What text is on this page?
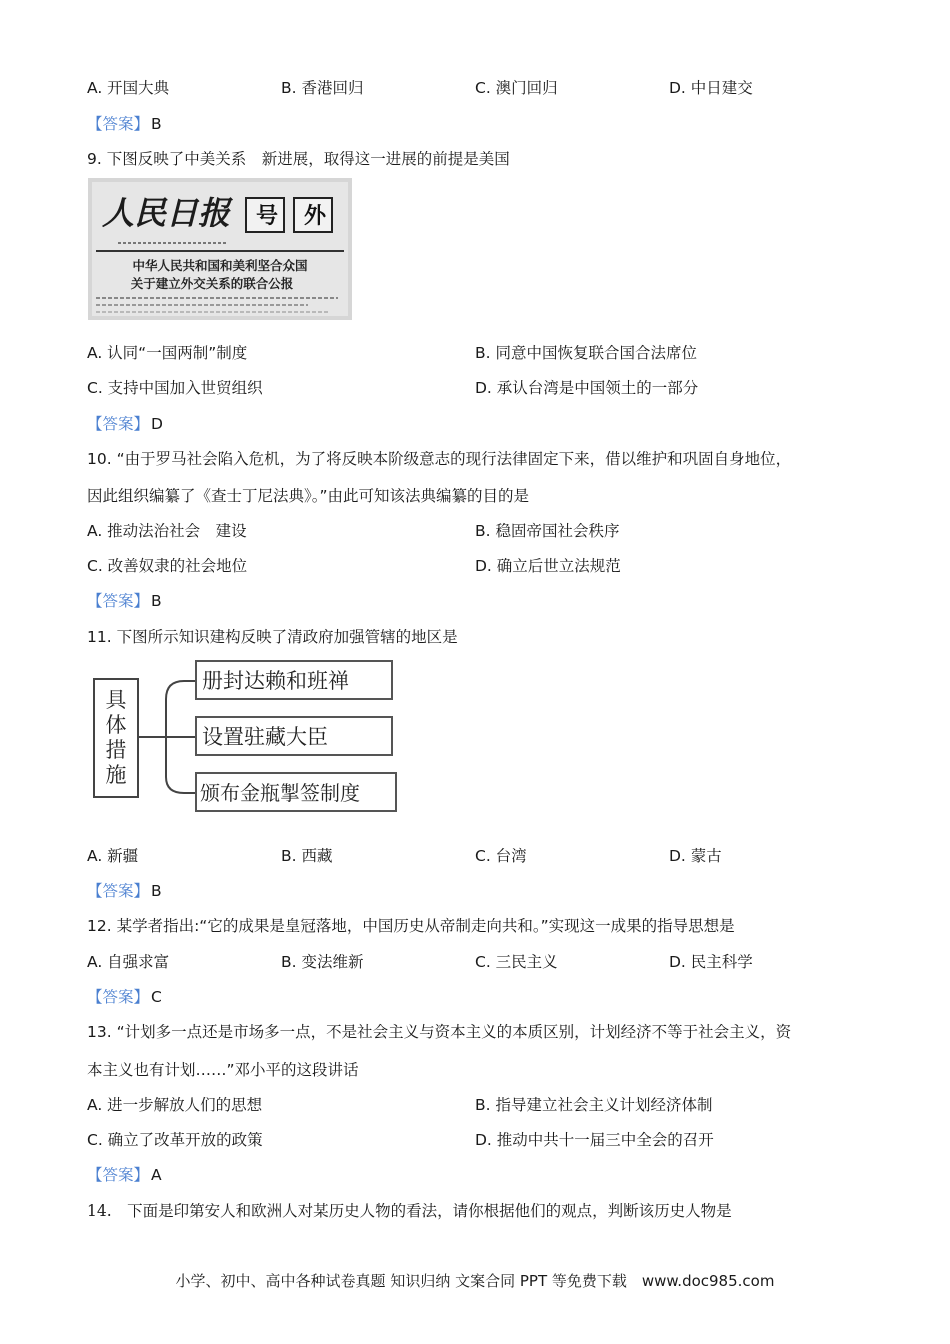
A. 开国大典	B. 香港回归	C. 澳门回归	D. 中日建交
【答案】 B
9. 下图反映了中美关系　新进展，取得这一进展的前提是美国
人民日报 号 外
中华人民共和国和美利坚合众国
关于建立外交关系的联合公报
A. 认同“一国两制”制度	B. 同意中国恢复联合国合法席位
C. 支持中国加入世贸组织	D. 承认台湾是中国领土的一部分
【答案】 D
10. “由于罗马社会陷入危机，为了将反映本阶级意志的现行法律固定下来，借以维护和巩固自身地位，
因此组织编纂了《查士丁尼法典》。”由此可知该法典编纂的目的是
A. 推动法治社会　建设	B. 稳固帝国社会秩序
C. 改善奴隶的社会地位	D. 确立后世立法规范
【答案】 B
11. 下图所示知识建构反映了清政府加强管辖的地区是
具
体
措
施
册封达赖和班禅
设置驻藏大臣
颁布金瓶掣签制度
A. 新疆	B. 西藏	C. 台湾	D. 蒙古
【答案】 B
12. 某学者指出:“它的成果是皇冠落地，中国历史从帝制走向共和。”实现这一成果的指导思想是
A. 自强求富	B. 变法维新	C. 三民主义	D. 民主科学
【答案】 C
13. “计划多一点还是市场多一点，不是社会主义与资本主义的本质区别，计划经济不等于社会主义，资
本主义也有计划……”邓小平的这段讲话
A. 进一步解放人们的思想	B. 指导建立社会主义计划经济体制
C. 确立了改革开放的政策	D. 推动中共十一届三中全会的召开
【答案】 A
14.　下面是印第安人和欧洲人对某历史人物的看法，请你根据他们的观点，判断该历史人物是
小学、初中、高中各种试卷真题 知识归纳 文案合同 PPT 等免费下载　www.doc985.com
